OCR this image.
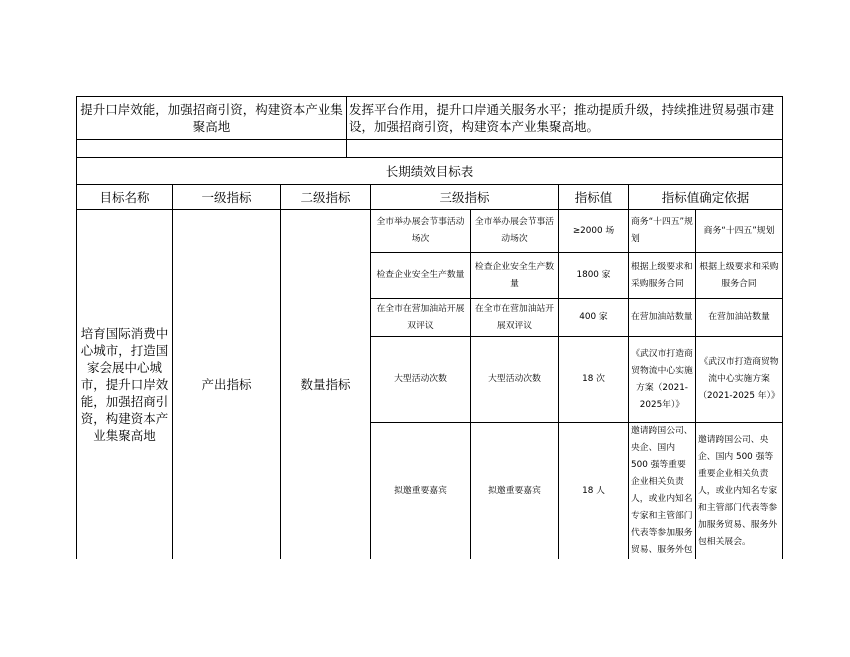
提升口岸效能，加强招商引资，构建资本产业集聚高地			发挥平台作用，提升口岸通关服务水平；推动提质升级，持续推进贸易强市建设，加强招商引资，构建资本产业集聚高地。					

长期绩效目标表								
目标名称	一级指标	二级指标		三级指标		指标值	指标值确定依据	
培育国际消费中心城市，打造国家会展中心城市，提升口岸效能，加强招商引资，构建资本产业集聚高地	产出指标	数量指标		全市举办展会节事活动场次	全市举办展会节事活动场次	≥2000 场	商务“十四五”规划	商务“十四五”规划
				检查企业安全生产数量	检查企业安全生产数量	1800 家	根据上级要求和采购服务合同	根据上级要求和采购服务合同
				在全市在营加油站开展双评议	在全市在营加油站开展双评议	400 家	在营加油站数量	在营加油站数量
				大型活动次数	大型活动次数	18 次	《武汉市打造商贸物流中心实施方案（2021-2025年）》	《武汉市打造商贸物流中心实施方案（2021-2025 年）》
				拟邀重要嘉宾	拟邀重要嘉宾	18 人	邀请跨国公司、央企、国内 500 强等重要企业相关负责人，或业内知名专家和主管部门代表等参加服务贸易、服务外包	邀请跨国公司、央企、国内 500 强等重要企业相关负责人，或业内知名专家和主管部门代表等参加服务贸易、服务外包相关展会。
